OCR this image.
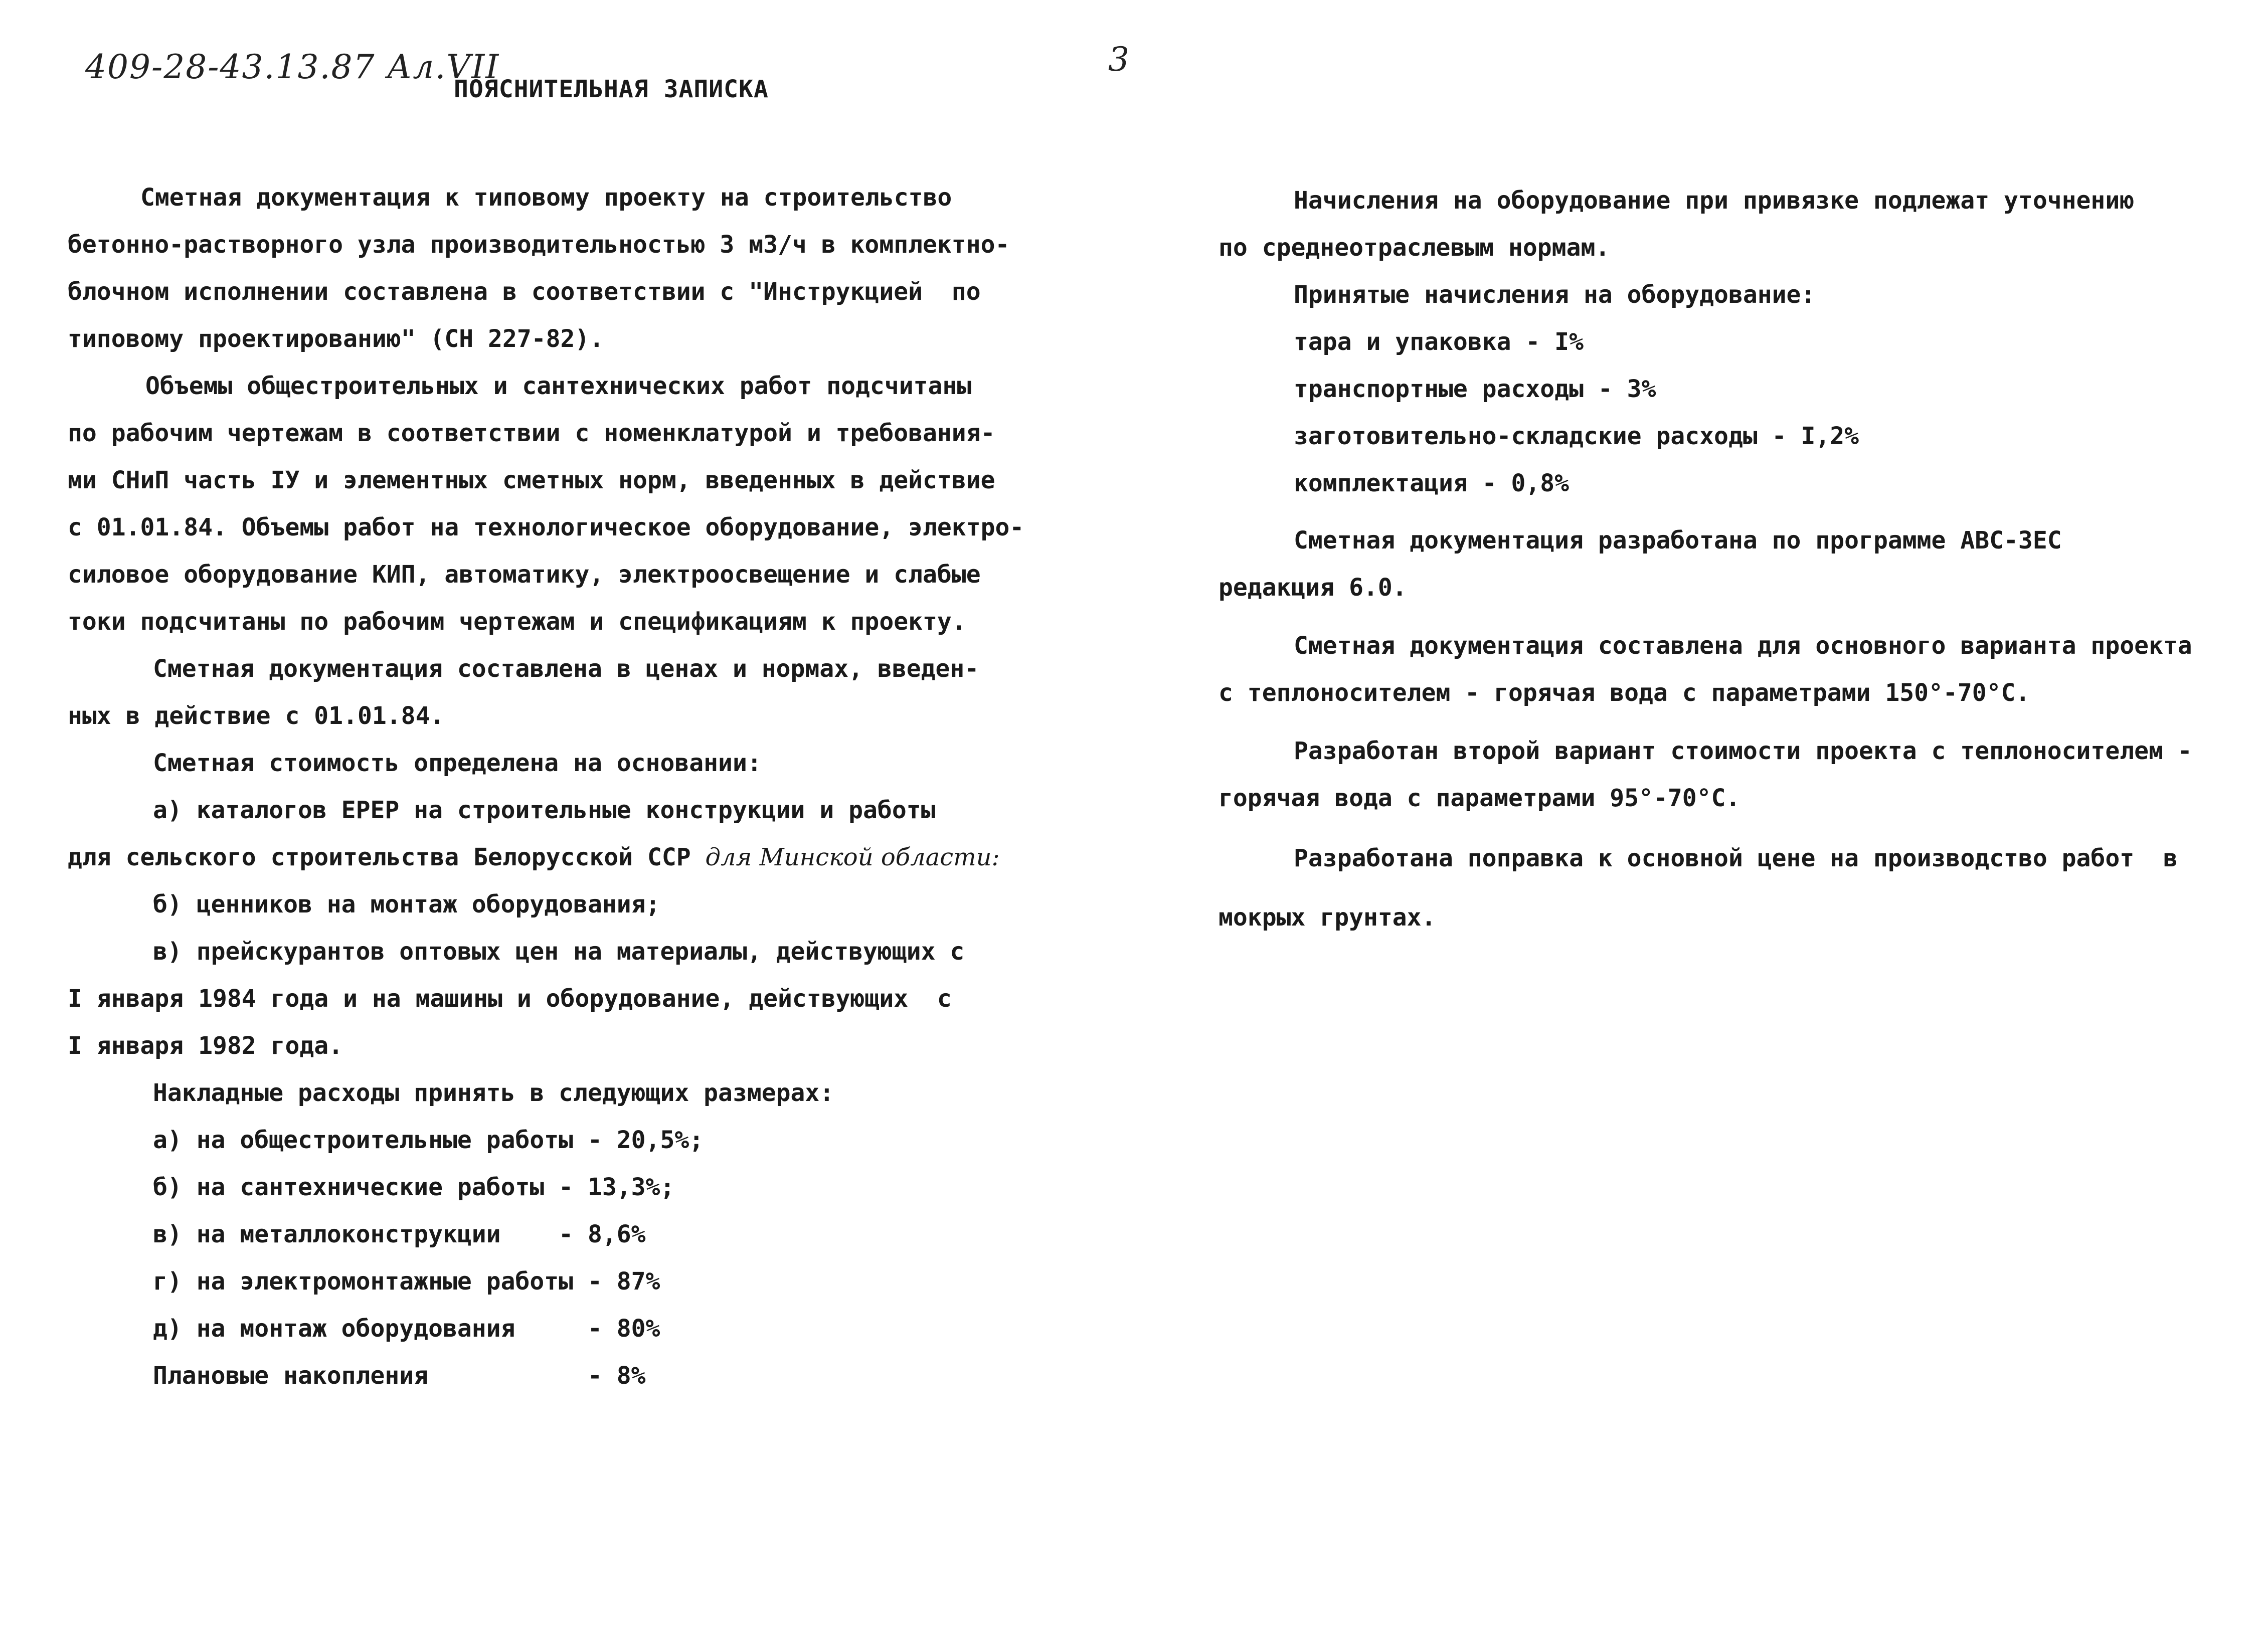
409-28-43.13.87 Ал.VII	3
ПОЯСНИТЕЛЬНАЯ ЗАПИСКА
Сметная документация к типовому проекту на строительство
бетонно-растворного узла производительностью 3 м3/ч в комплектно-
блочном исполнении составлена в соответствии с "Инструкцией  по
типовому проектированию" (СН 227-82).
Объемы общестроительных и сантехнических работ подсчитаны
по рабочим чертежам в соответствии с номенклатурой и требования-
ми СНиП часть IУ и элементных сметных норм, введенных в действие
с 01.01.84. Объемы работ на технологическое оборудование, электро-
силовое оборудование КИП, автоматику, электроосвещение и слабые
токи подсчитаны по рабочим чертежам и спецификациям к проекту.
Сметная документация составлена в ценах и нормах, введен-
ных в действие с 01.01.84.
Сметная стоимость определена на основании:
а) каталогов ЕРЕР на строительные конструкции и работы
для сельского строительства Белорусской ССР для Минской области:
б) ценников на монтаж оборудования;
в) прейскурантов оптовых цен на материалы, действующих с
I января 1984 года и на машины и оборудование, действующих  с
I января 1982 года.
Накладные расходы принять в следующих размерах:
а) на общестроительные работы - 20,5%;
б) на сантехнические работы - 13,3%;
в) на металлоконструкции    - 8,6%
г) на электромонтажные работы - 87%
д) на монтаж оборудования     - 80%
Плановые накопления           - 8%
Начисления на оборудование при привязке подлежат уточнению
по среднеотраслевым нормам.
Принятые начисления на оборудование:
тара и упаковка - I%
транспортные расходы - 3%
заготовительно-складские расходы - I,2%
комплектация - 0,8%
Сметная документация разработана по программе АВС-3ЕС
редакция 6.0.
Сметная документация составлена для основного варианта проекта
с теплоносителем - горячая вода с параметрами 150°-70°С.
Разработан второй вариант стоимости проекта с теплоносителем -
горячая вода с параметрами 95°-70°С.
Разработана поправка к основной цене на производство работ  в
мокрых грунтах.
